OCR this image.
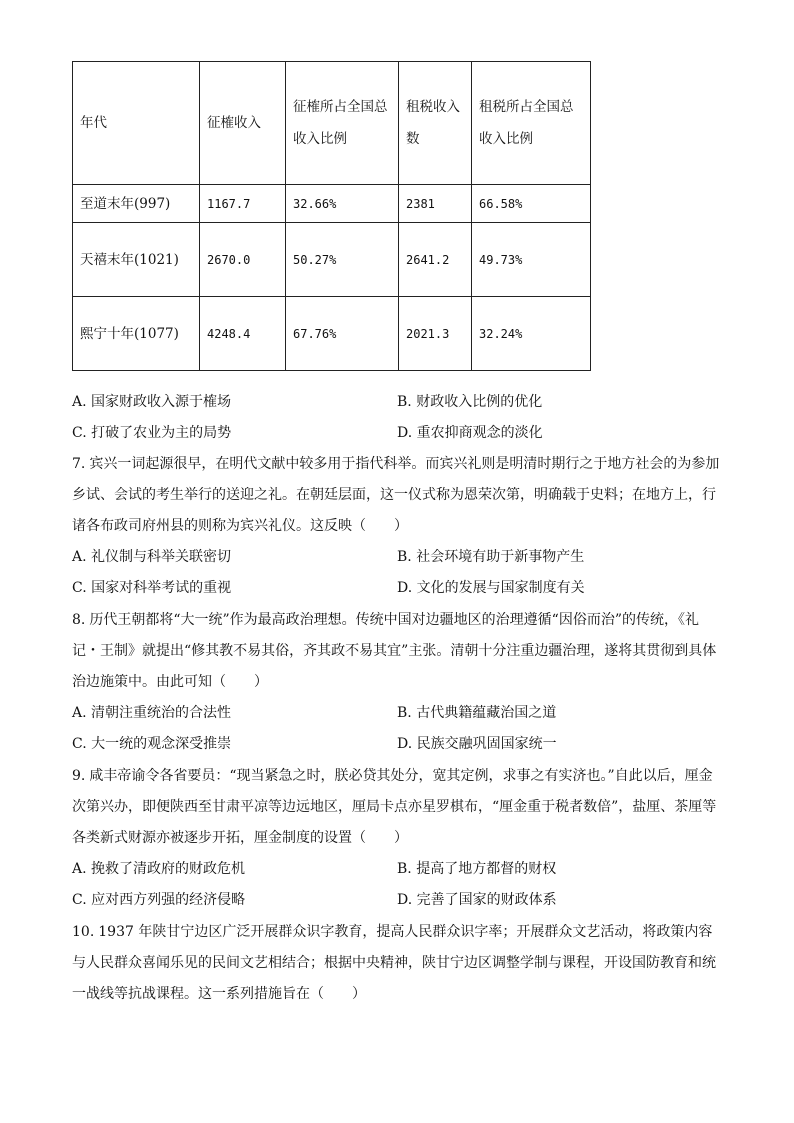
年代	征榷收入	征榷所占全国总收入比例	租税收入数	租税所占全国总收入比例
至道末年(997)	1167.7	32.66%	2381	66.58%
天禧末年(1021)	2670.0	50.27%	2641.2	49.73%
熙宁十年(1077)	4248.4	67.76%	2021.3	32.24%
A. 国家财政收入源于榷场	B. 财政收入比例的优化
C. 打破了农业为主的局势	D. 重农抑商观念的淡化
7. 宾兴一词起源很早，在明代文献中较多用于指代科举。而宾兴礼则是明清时期行之于地方社会的为参加乡试、会试的考生举行的送迎之礼。在朝廷层面，这一仪式称为恩荣次第，明确载于史料；在地方上，行诸各布政司府州县的则称为宾兴礼仪。这反映（　　）
A. 礼仪制与科举关联密切	B. 社会环境有助于新事物产生
C. 国家对科举考试的重视	D. 文化的发展与国家制度有关
8. 历代王朝都将“大一统”作为最高政治理想。传统中国对边疆地区的治理遵循“因俗而治”的传统，《礼记・王制》就提出“修其教不易其俗，齐其政不易其宜”主张。清朝十分注重边疆治理，遂将其贯彻到具体治边施策中。由此可知（　　）
A. 清朝注重统治的合法性	B. 古代典籍蕴藏治国之道
C. 大一统的观念深受推崇	D. 民族交融巩固国家统一
9. 咸丰帝谕令各省要员：“现当紧急之时，朕必贷其处分，宽其定例，求事之有实济也。”自此以后，厘金次第兴办，即便陕西至甘肃平凉等边远地区，厘局卡点亦星罗棋布，“厘金重于税者数倍”，盐厘、茶厘等各类新式财源亦被逐步开拓，厘金制度的设置（　　）
A. 挽救了清政府的财政危机	B. 提高了地方都督的财权
C. 应对西方列强的经济侵略	D. 完善了国家的财政体系
10. 1937 年陕甘宁边区广泛开展群众识字教育，提高人民群众识字率；开展群众文艺活动，将政策内容与人民群众喜闻乐见的民间文艺相结合；根据中央精神，陕甘宁边区调整学制与课程，开设国防教育和统一战线等抗战课程。这一系列措施旨在（　　）
